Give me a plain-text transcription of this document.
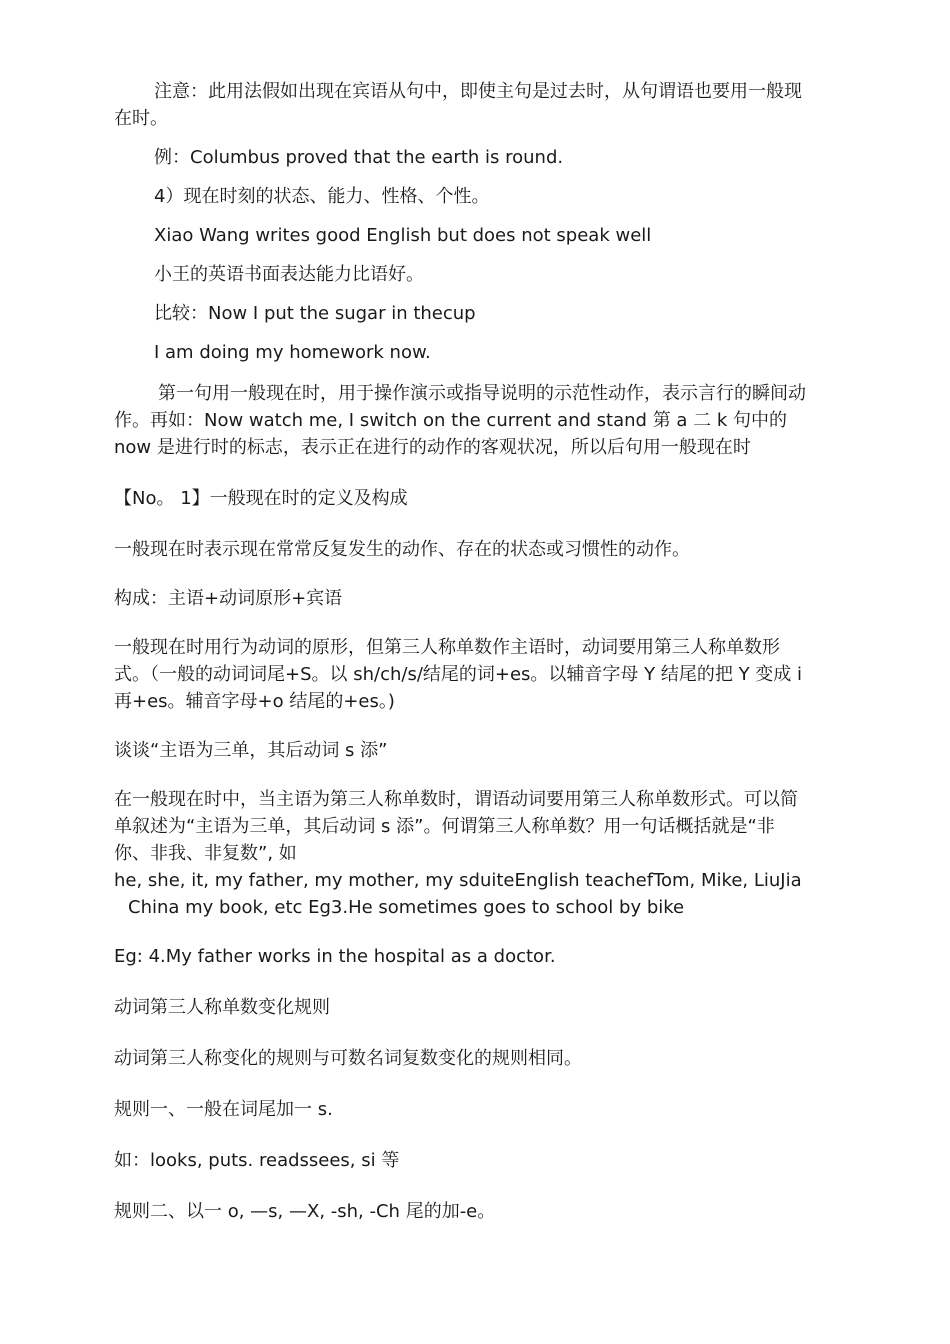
注意：此用法假如出现在宾语从句中，即使主句是过去时，从句谓语也要用一般现

在时。

例：Columbus proved that the earth is round.

4）现在时刻的状态、能力、性格、个性。

Xiao Wang writes good English but does not speak well

小王的英语书面表达能力比语好。

比较：Now I put the sugar in thecup

I am doing my homework now.

第一句用一般现在时，用于操作演示或指导说明的示范性动作，表示言行的瞬间动

作。再如：Now watch me, I switch on the current and stand 第 a 二 k 句中的

now 是进行时的标志，表示正在进行的动作的客观状况，所以后句用一般现在时

【No。 1】一般现在时的定义及构成

一般现在时表示现在常常反复发生的动作、存在的状态或习惯性的动作。

构成：主语+动词原形+宾语

一般现在时用行为动词的原形，但第三人称单数作主语时，动词要用第三人称单数形

式。（一般的动词词尾+S。以 sh/ch/s/结尾的词+es。以辅音字母 Y 结尾的把 Y 变成 i

再+es。辅音字母+o 结尾的+es。)

谈谈“主语为三单，其后动词 s 添”

在一般现在时中，当主语为第三人称单数时，谓语动词要用第三人称单数形式。可以简

单叙述为“主语为三单，其后动词 s 添”。何谓第三人称单数？用一句话概括就是“非

你、非我、非复数”, 如

he, she, it, my father, my mother, my sduiteEnglish teachefTom, Mike, LiuJia

China my book, etc Eg3.He sometimes goes to school by bike

Eg: 4.My father works in the hospital as a doctor.

动词第三人称单数变化规则

动词第三人称变化的规则与可数名词复数变化的规则相同。

规则一、一般在词尾加一 s.

如：looks, puts. readssees, si 等

规则二、以一 o, —s, —X, -sh, -Ch 尾的加-e。
